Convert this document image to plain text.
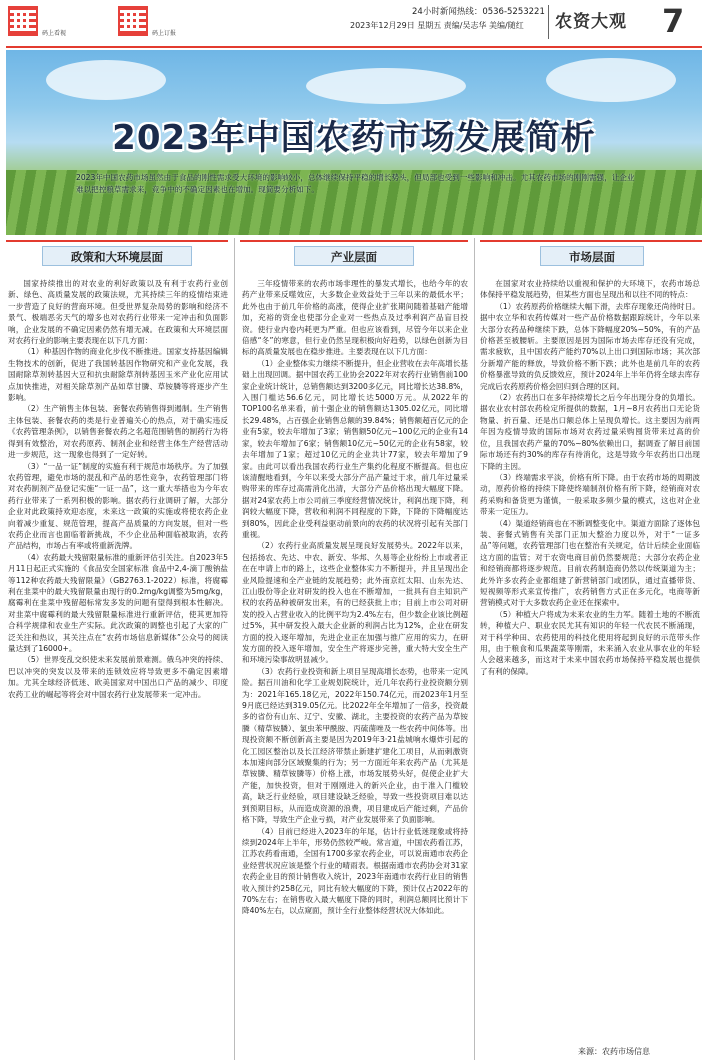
码上看视	码上订报
24小时新闻热线：0536-5253221
2023年12月29日 星期五 责编/吴志华 美编/随红 农资大观 7
2023年中国农药市场发展简析
2023年中国农药市场虽然由于食品的刚性需求受大环境的影响较小，总体继续保持平稳的增长势头，但局部也受到一些影响和冲击。尤其农药市场的刚刚需强，让企业难以把控粮草需求来，竞争中的不确定因素也在增加。现简要分析如下。
政策和大环境层面	产业层面	市场层面

国家持续推出的对农业的利好政策以及有利于农药行业创新、绿色、高质量发展的政策法规，尤其持续三年的疫情结束进一步营造了良好的营商环境。但受世界复杂局势的影响和经济不景气、极端恶劣天气的增多也对农药行业带来一定冲击和负面影响，企业发展的不确定因素仍然有增无减。在政策和大环境层面对农药行业的影响主要表现在以下几方面：

（1）种基因作物的商业化步伐不断推进。国家支持基因编辑生物技术的创新，促进了我国转基因作物研究和产业化发展，我国耐除草剂转基因大豆和抗虫耐除草剂转基因玉米产业化应用试点加快推进，对相关除草剂产品如草甘膦、草铵膦等将逐步产生影响。

（2）生产销售主体包装、套餐农药销售得到遏制。生产销售主体包装、套餐农药的类是行业普遍关心的热点，对于确实违反《农药管理条例》，以销售套餐农药之名超范围销售的制药行为将得到有效整治，对农药原药、制剂企业和经营主体生产经营活动进一步规范，这一现象也得到了一定好转。

（3）“一品一证”制度的实施有利于规范市场秩序。为了加强农药管理，避免市场的混乱和产品的恶性竞争，农药管理部门将对农药制剂产品登记实施“一证一品”，这一重大举措也为今年农药行业带来了一系列积极的影响。据农药行业调研了解，大部分企业对此政策持欢迎态度，未来这一政策的实施或将使农药企业向着减少重复、规范管理，提高产品质量的方向发展，但对一些农药企业而言也面临着新挑战，不少企业品种面临被取消，农药产品结构，市场占有率或将重新洗牌。

（4）农药最大残留限量标准的重新评估引关注。自2023年5月11日起正式实施的《食品安全国家标准 食品中2,4-滴丁酸钠盐等112种农药最大残留限量》（GB2763.1-2022）标准，将腐霉利在韭菜中的最大残留限量由现行的0.2mg/kg调整为5mg/kg，腐霉利在韭菜中残留超标常发多发的问题有望得到根本性解决。对韭菜中腐霉利的最大残留限量标准进行重新评估，使其更加符合科学规律和农业生产实际。此次政策的调整也引起了大家的广泛关注和热议，其关注点在“农药市场信息新媒体”公众号的阅读量达到了16000+。

（5）世界变乱交织使未来发展前景难测。俄乌冲突的持续、巴以冲突的突发以及带来的连锁效应将导致更多不确定因素增加。尤其全球经济低迷、欧美国家对中国出口产品的减少、印度农药工业的崛起等将会对中国农药行业发展带来一定冲击。

三年疫情带来的农药市场非理性的暴发式增长，也给今年的农药产业带来反噬效应，大多数企业效益处于三年以来的最低水平；此外也由于前几年价格的高涨，使得企业扩张期间随着基础产能增加，充裕的资金也使部分企业对一些热点及过季利润产品盲目投资。使行业内卷内耗更为严重。但也应该看到，尽管今年以来企业倍感“冬”的寒意，但行业仍然呈现积极向好趋势，以绿色创新为目标的高质量发展也在稳步推进。主要表现在以下几方面：

（1）企业整体实力继续不断提升，但企业营收在去年高增长基础上出现回调。据中国农药工业协会2022年对农药行业销售前100家企业统计统计，总销售额达到3200多亿元，同比增长达38.8%，入围门槛达56.6亿元，同比增长达5000万元。从2022年的TOP100名单来看，前十强企业的销售额达1305.02亿元，同比增长29.48%，占百强企业销售总额的39.84%；销售额超百亿元的企业有5家，较去年增加了3家；销售额50亿元~100亿元的企业有14家，较去年增加了6家；销售额10亿元~50亿元的企业有58家，较去年增加了1家；超过10亿元的企业共计77家，较去年增加了9家。由此可以看出我国农药行业生产集约化程度不断提高。但也应该清醒地看到，今年以来受大部分产品产量过于求，前几年过量采购带来的库存过高需消化出清，大部分产品价格出现大幅度下降。据对24家农药上市公司前三季度经营情况统计，利润出现下降，利润较大幅度下降，营收和利润不同程度的下降，下降的下降幅度达到80%，因此企业受利益驱动前景向的农药的状况将引起有关部门重视。

（2）农药行业高质量发展呈现良好发展势头。2022年以来，包括扬农、先达、中农、新安、华邦、久易等企业纷纷上市或者正在在申请上市的路上，这些企业整体实力不断提升，并且呈现出企业风险提速和全产业链的发展趋势；此外南京红太阳、山东先达、江山股份等企业对研发的投入也在不断增加，一批具有自主知识产权的农药品种被研发出来，有的已经获批上市；目前上市公司对研发的投入占营业收入的比例平均为2.4%左右，但少数企业该比例超过5%，其中研发投入最大企业新的利润占比为12%，企业在研发方面的投入逐年增加，先进企业正在加强与推广应用的实力，在研发方面的投入逐年增加，安全生产将逐步完善，重大特大安全生产和环境污染事故明显减少。

（3）农药行业投资和新上项目呈现高增长态势，也带来一定风险。据百川油和化学工业规划院统计，近几年农药行业投资额分别为：2021年165.18亿元，2022年150.74亿元，而2023年1月至9月底已经达到319.05亿元。比2022年全年增加了一倍多，投资最多的省份有山东、辽宁、安徽、湖北，主要投资的农药产品为草铵膦（精草铵膦）、氯虫苯甲酰胺、丙硫菌唑及一些农药中间体等。出现投资额不断创新高主要是因为2019年3·21盐城响水爆炸引起的化工园区整治以及长江经济带禁止新建扩建化工项目，从而刺激资本加速向部分区域聚集的行为；另一方面近年来农药产品（尤其是草铵膦、精草铵膦等）价格上涨，市场发展势头好，促使企业扩大产能，加快投资，但对于刚刚进入的新兴企业，由于准入门槛较高，缺乏行业经验，项目建设缺乏经验，导致一些投资项目难以达到预期目标，从而造成资源的浪费，项目建成后产能过剩，产品价格下降，导致生产企业亏损，对产业发展带来了负面影响。

（4）目前已经进入2023年的年尾，估计行业低迷现象或将持续到2024年上半年，形势仍然较严峻。常言道，中国农药看江苏，江苏农药看南通，全国有1700多家农药企业，可以说南通市农药企业经营状况应该是整个行业的晴雨表。根据南通市农药协会对31家农药企业目的预计销售收入统计，2023年南通市农药行业目的销售收入预计约258亿元，同比有较大幅度的下降，预计仅占2022年的70%左右；在销售收入最大幅度下降的同时，利润总额同比预计下降40%左右，以点窥面，预计全行业整体经营状况大体如此。

在国家对农业持续给以重视和保护的大环境下，农药市场总体保持平稳发展趋势，但某些方面也呈现出和以往不同的特点：

（1）农药原药价格继续大幅下滑，去库存现象还尚待时日。据中农立华和农药传媒对一些产品价格数据跟踪统计，今年以来大部分农药品种继续下跌，总体下降幅度20%~50%，有的产品价格甚至被腰斩。主要原因是因为国际市场去库存还没有完成，需求疲软，且中国农药产能约70%以上出口到国际市场；其次部分新增产能的释放，导致价格不断下跌；此外也是前几年的农药价格暴涨导致的负反馈效应，预计2024年上半年仍将全球去库存完成后农药原药价格会回归到合理的区间。

（2）农药出口在多年持续增长之后今年出现分身的负增长。据农业农村部农药检定所提供的数据，1月~8月农药出口无论货物量、折百量、还是出口额总体上呈现负增长。这主要因为前两年因为疫情导致的国际市场对农药过量采购囤货带来过高的价位，且我国农药产量的70%~80%依赖出口，据调查了解目前国际市场还有约30%的库存有待消化，这是导致今年农药出口出现下降的主因。

（3）终端需求平淡，价格有所下降。由于农药市场的周期波动，原药价格的持续下降使终端制剂价格有所下降，经销商对农药采购和备货更为谨慎，一般采取多频少量的模式，这也对企业带来一定压力。

（4）渠道经销商也在不断调整变化中。渠道方面除了逐体包装、套餐式销售有关部门正加大整治力度以外，对于“一证多品”等问题，农药管理部门也在整治有关规定，估计后续企业面临这方面的监管；对于农资电商目前仍然要规范；大部分农药企业和经销商都将逐步规范。目前农药制造商仍然以传统渠道为主；此外许多农药企业都组建了新营销部门或团队，通过直播带货、短视频等形式来宣传推广，农药销售方式正在多元化，电商等新营销模式对于大多数农药企业还在探索中。

（5）种植大户将成为未来农业的生力军。随着土地的不断流转，种植大户、职业农民尤其有知识的年轻一代农民不断涌现，对于科学种田、农药使用的科技化使用将起到良好的示范带头作用，由于粮食和瓜果蔬菜等刚需，未来涌入农业从事农业的年轻人会越来越多，而这对于未来中国农药市场保持平稳发展也提供了有利的保障。

来源：农药市场信息
